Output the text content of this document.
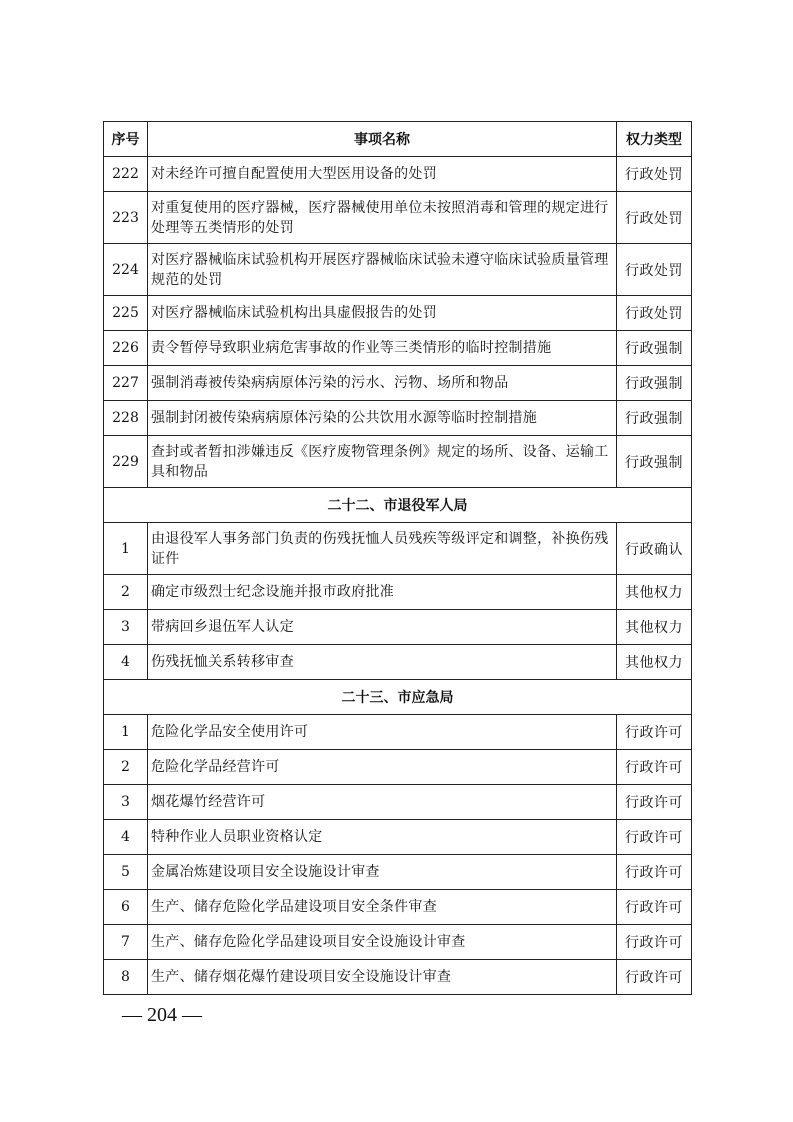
序号	事项名称	权力类型
222	对未经许可擅自配置使用大型医用设备的处罚	行政处罚
223	对重复使用的医疗器械，医疗器械使用单位未按照消毒和管理的规定进行处理等五类情形的处罚	行政处罚
224	对医疗器械临床试验机构开展医疗器械临床试验未遵守临床试验质量管理规范的处罚	行政处罚
225	对医疗器械临床试验机构出具虚假报告的处罚	行政处罚
226	责令暂停导致职业病危害事故的作业等三类情形的临时控制措施	行政强制
227	强制消毒被传染病病原体污染的污水、污物、场所和物品	行政强制
228	强制封闭被传染病病原体污染的公共饮用水源等临时控制措施	行政强制
229	查封或者暂扣涉嫌违反《医疗废物管理条例》规定的场所、设备、运输工具和物品	行政强制
二十二、市退役军人局		
1	由退役军人事务部门负责的伤残抚恤人员残疾等级评定和调整，补换伤残证件	行政确认
2	确定市级烈士纪念设施并报市政府批准	其他权力
3	带病回乡退伍军人认定	其他权力
4	伤残抚恤关系转移审查	其他权力
二十三、市应急局		
1	危险化学品安全使用许可	行政许可
2	危险化学品经营许可	行政许可
3	烟花爆竹经营许可	行政许可
4	特种作业人员职业资格认定	行政许可
5	金属冶炼建设项目安全设施设计审查	行政许可
6	生产、储存危险化学品建设项目安全条件审查	行政许可
7	生产、储存危险化学品建设项目安全设施设计审查	行政许可
8	生产、储存烟花爆竹建设项目安全设施设计审查	行政许可
— 204 —
